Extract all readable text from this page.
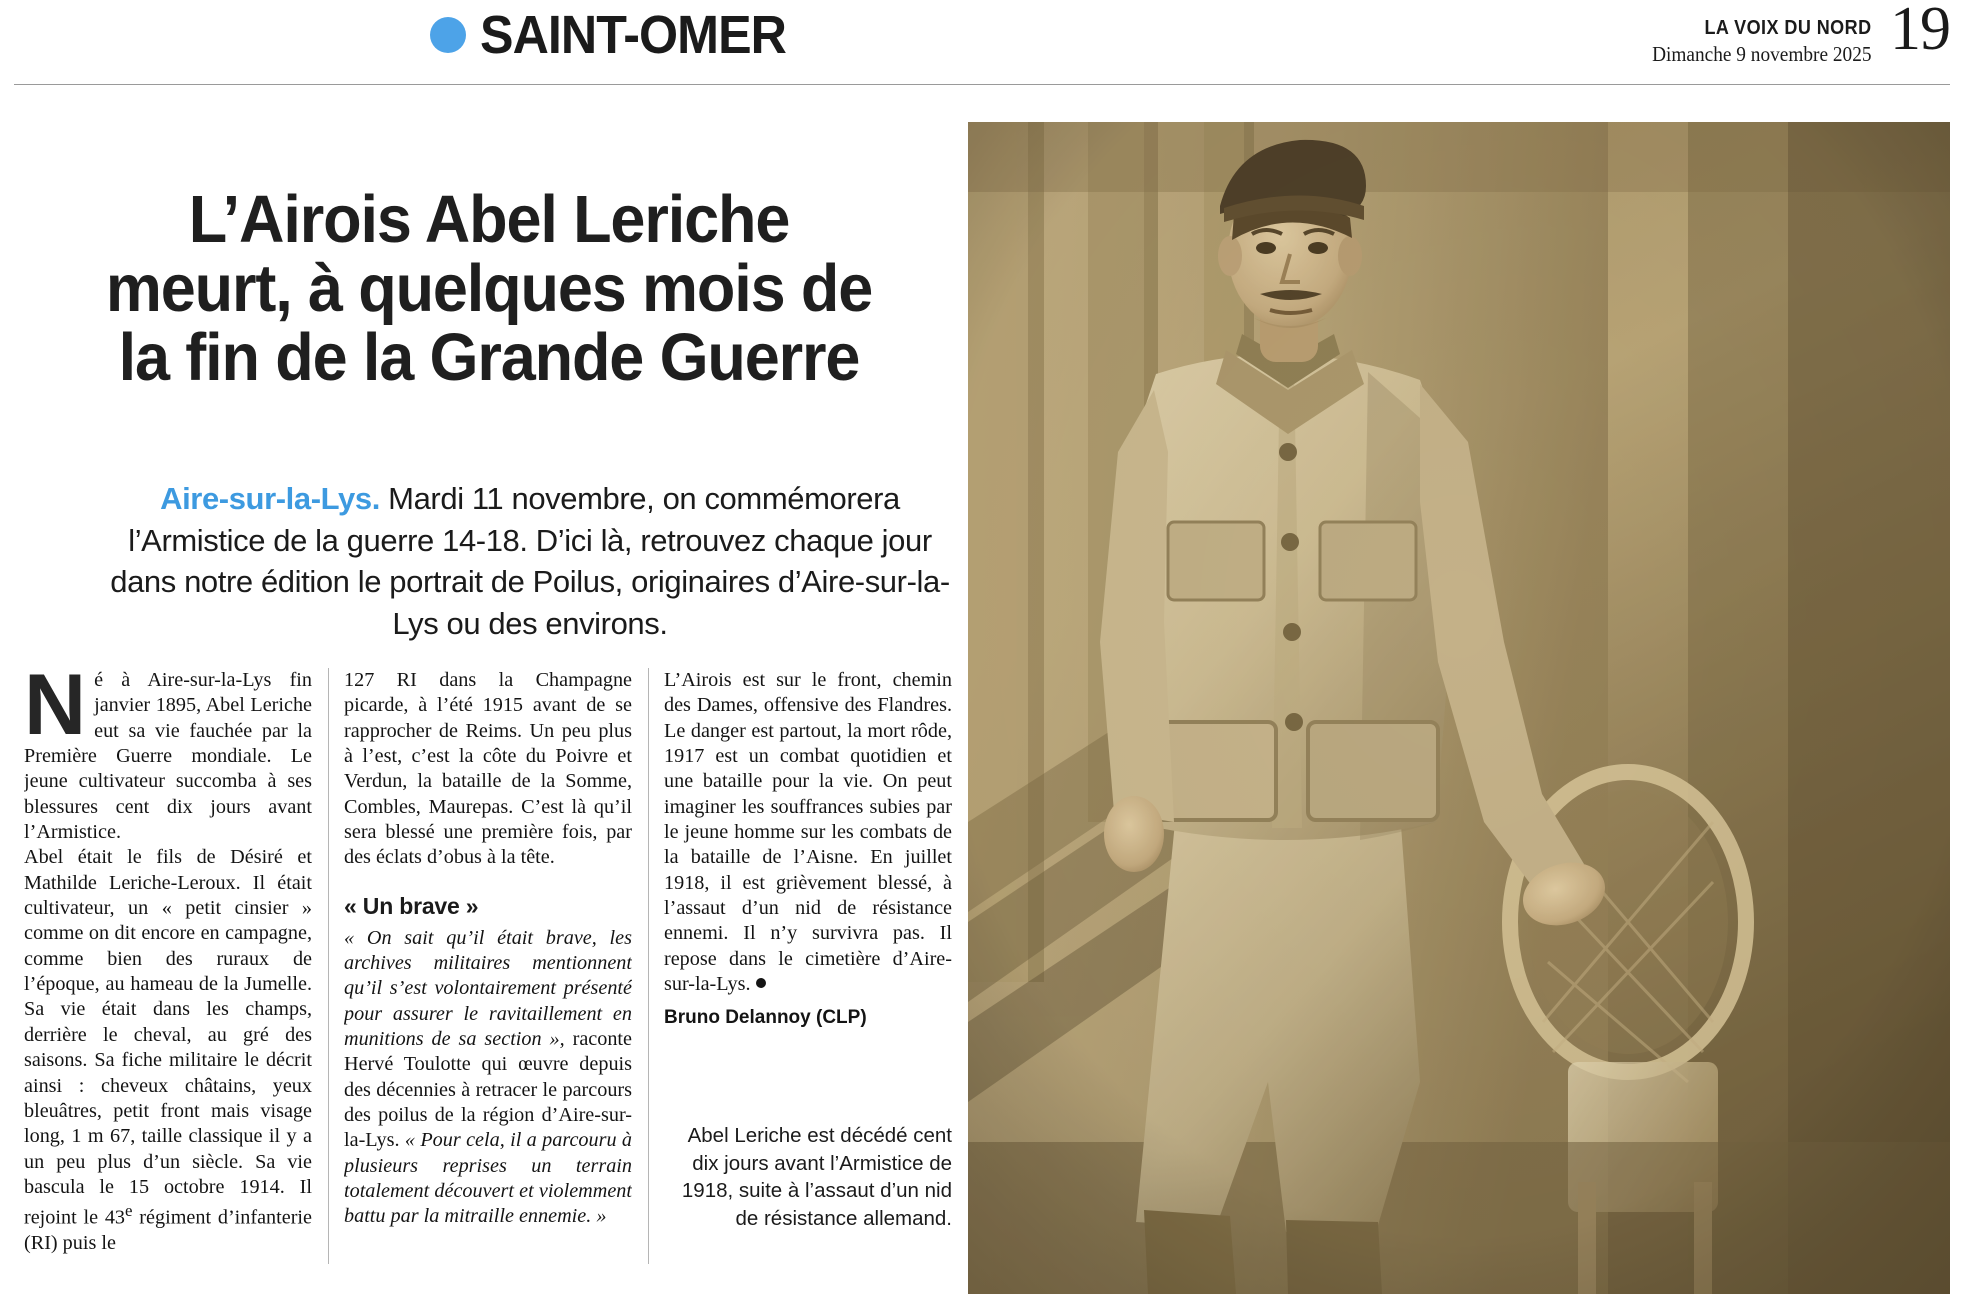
SAINT-OMER	LA VOIX DU NORD
Dimanche 9 novembre 2025 19
L’Airois Abel Leriche
meurt, à quelques mois de
la fin de la Grande Guerre
Aire-sur-la-Lys. Mardi 11 novembre, on commémorera l’Armistice de la guerre 14-18. D’ici là, retrouvez chaque jour dans notre édition le portrait de Poilus, originaires d’Aire-sur-la-Lys ou des environs.

Né à Aire-sur-la-Lys fin janvier 1895, Abel Leriche eut sa vie fauchée par la Première Guerre mondiale. Le jeune cultivateur succomba à ses blessures cent dix jours avant l’Armistice.

Abel était le fils de Désiré et Mathilde Leriche-Leroux. Il était cultivateur, un « petit cinsier » comme on dit encore en campagne, comme bien des ruraux de l’époque, au hameau de la Jumelle. Sa vie était dans les champs, derrière le cheval, au gré des saisons. Sa fiche militaire le décrit ainsi : cheveux châtains, yeux bleuâtres, petit front mais visage long, 1 m 67, taille classique il y a un peu plus d’un siècle. Sa vie bascula le 15 octobre 1914. Il rejoint le 43e régiment d’infanterie (RI) puis le

127 RI dans la Champagne picarde, à l’été 1915 avant de se rapprocher de Reims. Un peu plus à l’est, c’est la côte du Poivre et Verdun, la bataille de la Somme, Combles, Maurepas. C’est là qu’il sera blessé une première fois, par des éclats d’obus à la tête.

« Un brave »

« On sait qu’il était brave, les archives militaires mentionnent qu’il s’est volontairement présenté pour assurer le ravitaillement en munitions de sa section », raconte Hervé Toulotte qui œuvre depuis des décennies à retracer le parcours des poilus de la région d’Aire-sur-la-Lys. « Pour cela, il a parcouru à plusieurs reprises un terrain totalement découvert et violemment battu par la mitraille ennemie. »

L’Airois est sur le front, chemin des Dames, offensive des Flandres. Le danger est partout, la mort rôde, 1917 est un combat quotidien et une bataille pour la vie. On peut imaginer les souffrances subies par le jeune homme sur les combats de la bataille de l’Aisne. En juillet 1918, il est grièvement blessé, à l’assaut d’un nid de résistance ennemi. Il n’y survivra pas. Il repose dans le cimetière d’Aire-sur-la-Lys.

Bruno Delannoy (CLP)
Abel Leriche est décédé cent dix jours avant l’Armistice de 1918, suite à l’assaut d’un nid de résistance allemand.
